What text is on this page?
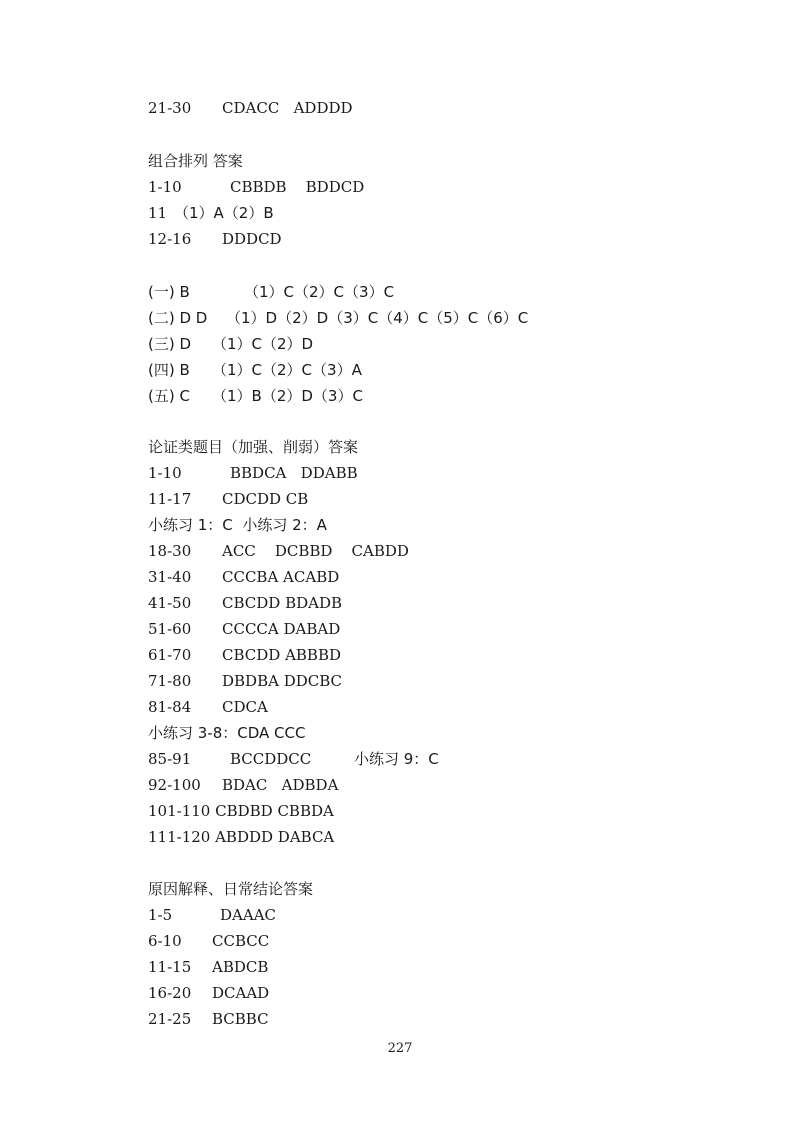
21-30 CDACC   ADDDD
组合排列 答案
1-10	CBBDB    BDDCD
11 （1）A（2）B
12-16 DDDCD
(一) B	（1）C（2）C（3）C
(二) D D （1）D（2）D（3）C（4）C（5）C（6）C
(三) D （1）C（2）D
(四) B （1）C（2）C（3）A
(五) C （1）B（2）D（3）C
论证类题目（加强、削弱）答案
1-10	BBDCA   DDABB
11-17 CDCDD CB
小练习 1：C  小练习 2：A
18-30 ACC    DCBBD    CABDD
31-40 CCCBA ACABD
41-50 CBCDD BDADB
51-60 CCCCA DABAD
61-70 CBCDD ABBBD
71-80 DBDBA DDCBC
81-84 CDCA
小练习 3-8：CDA CCC
85-91	BCCDDCC	小练习 9：C
92-100 BDAC   ADBDA
101-110 CBDBD CBBDA
111-120 ABDDD DABCA
原因解释、日常结论答案
1-5	DAAAC
6-10 CCBCC
11-15 ABDCB
16-20 DCAAD
21-25 BCBBC
227
